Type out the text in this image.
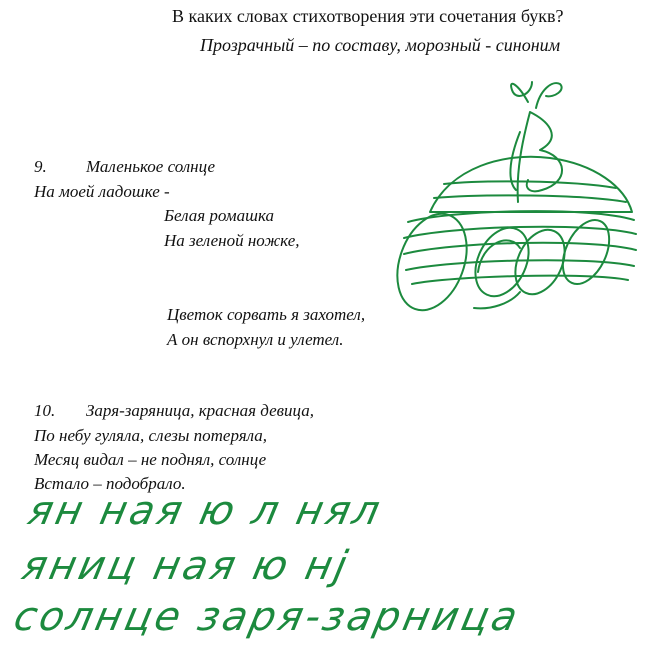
В каких словах стихотворения эти сочетания букв?
Прозрачный – по составу, морозный - синоним
9. Маленькое солнце
На моей ладошке -
Белая ромашка
На зеленой ножке,
Цветок сорвать я захотел,
А он вспорхнул и улетел.
10. Заря-заряница, красная девица,
По небу гуляла, слезы потеряла,
Месяц видал – не поднял, солнце
Встало – подобрало.
ян нaя ю л нял
яниц нaя ю нj
солнце заря-зарница
